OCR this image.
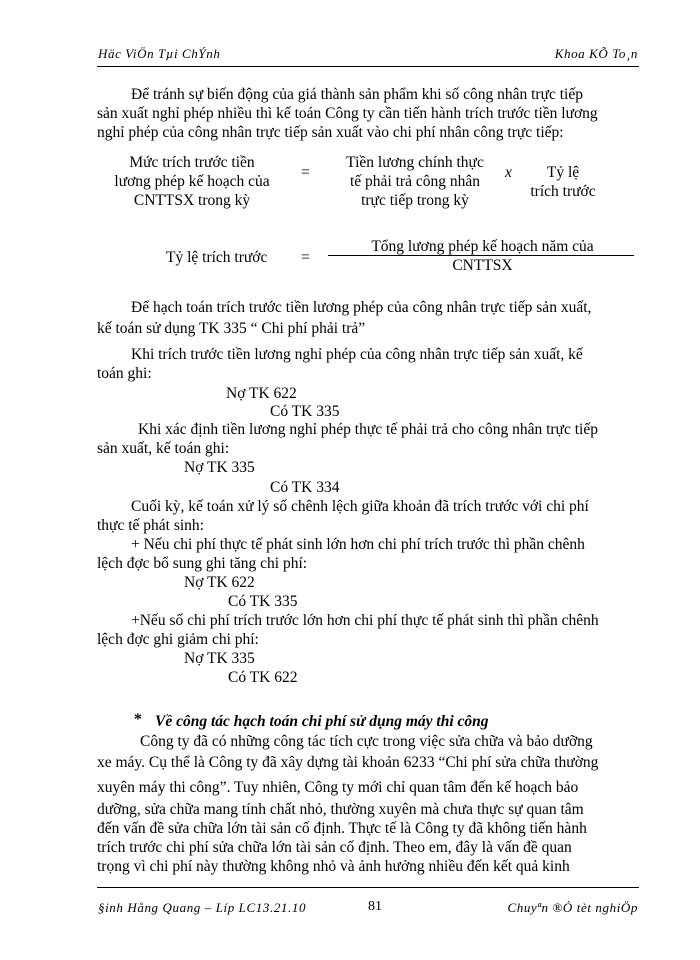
Häc ViÖn Tµi ChÝnh	Khoa KÕ To¸n
Để tránh sự biến động của giá thành sản phẩm khi số công nhân trực tiếp
sản xuất nghỉ phép nhiều thì kế toán Công ty cần tiến hành trích trước tiền lương
nghỉ phép của công nhân trực tiếp sản xuất vào chi phí nhân công trực tiếp:
Mức trích trước tiền
lương phép kế hoạch của
CNTTSX trong kỳ
=
Tiền lương chính thực
tế phải trả công nhân
trực tiếp trong kỳ
x	Tỷ lệ
trích trước
Tỷ lệ trích trước =
Tổng lương phép kế hoạch năm của
CNTTSX
Để hạch toán trích trước tiền lương phép của công nhân trực tiếp sản xuất,
kế toán sử dụng TK 335 “ Chi phí phải trả”
Khi trích trước tiền lương nghỉ phép của công nhân trực tiếp sản xuất, kế
toán ghi:
Nợ TK 622
Có TK 335
Khi xác định tiền lương nghỉ phép thực tế phải trả cho công nhân trực tiếp
sản xuất, kế toán ghi:
Nợ TK 335
Có TK 334
Cuối kỳ, kế toán xử lý số chênh lệch giữa khoản đã trích trước với chi phí
thực tế phát sinh:
+ Nếu chi phí thực tế phát sinh lớn hơn chi phí trích trước thì phần chênh
lệch đợc bổ sung ghi tăng chi phí:
Nợ TK 622
Có TK 335
+Nếu số chi phí trích trước lớn hơn chi phí thực tế phát sinh thì phần chênh
lệch đợc ghi giảm chi phí:
Nợ TK 335
Có TK 622
* Về công tác hạch toán chi phí sử dụng máy thi công
Công ty đã có những công tác tích cực trong việc sửa chữa và bảo dưỡng
xe máy. Cụ thể là Công ty đã xây dựng tài khoản 6233 “Chi phí sửa chữa thường
xuyên máy thi công”. Tuy nhiên, Công ty mới chỉ quan tâm đến kế hoạch bảo
dưỡng, sửa chữa mang tính chất nhỏ, thường xuyên mà chưa thực sự quan tâm
đến vấn đề sửa chữa lớn tài sản cố định. Thực tế là Công ty đã không tiến hành
trích trước chi phí sửa chữa lớn tài sản cố định. Theo em, đây là vấn đề quan
trọng vì chi phí này thường không nhỏ và ảnh hưởng nhiều đến kết quả kinh
§inh Hång Quang – Líp LC13.21.10	81	Chuyªn ®Ò tèt nghiÖp
